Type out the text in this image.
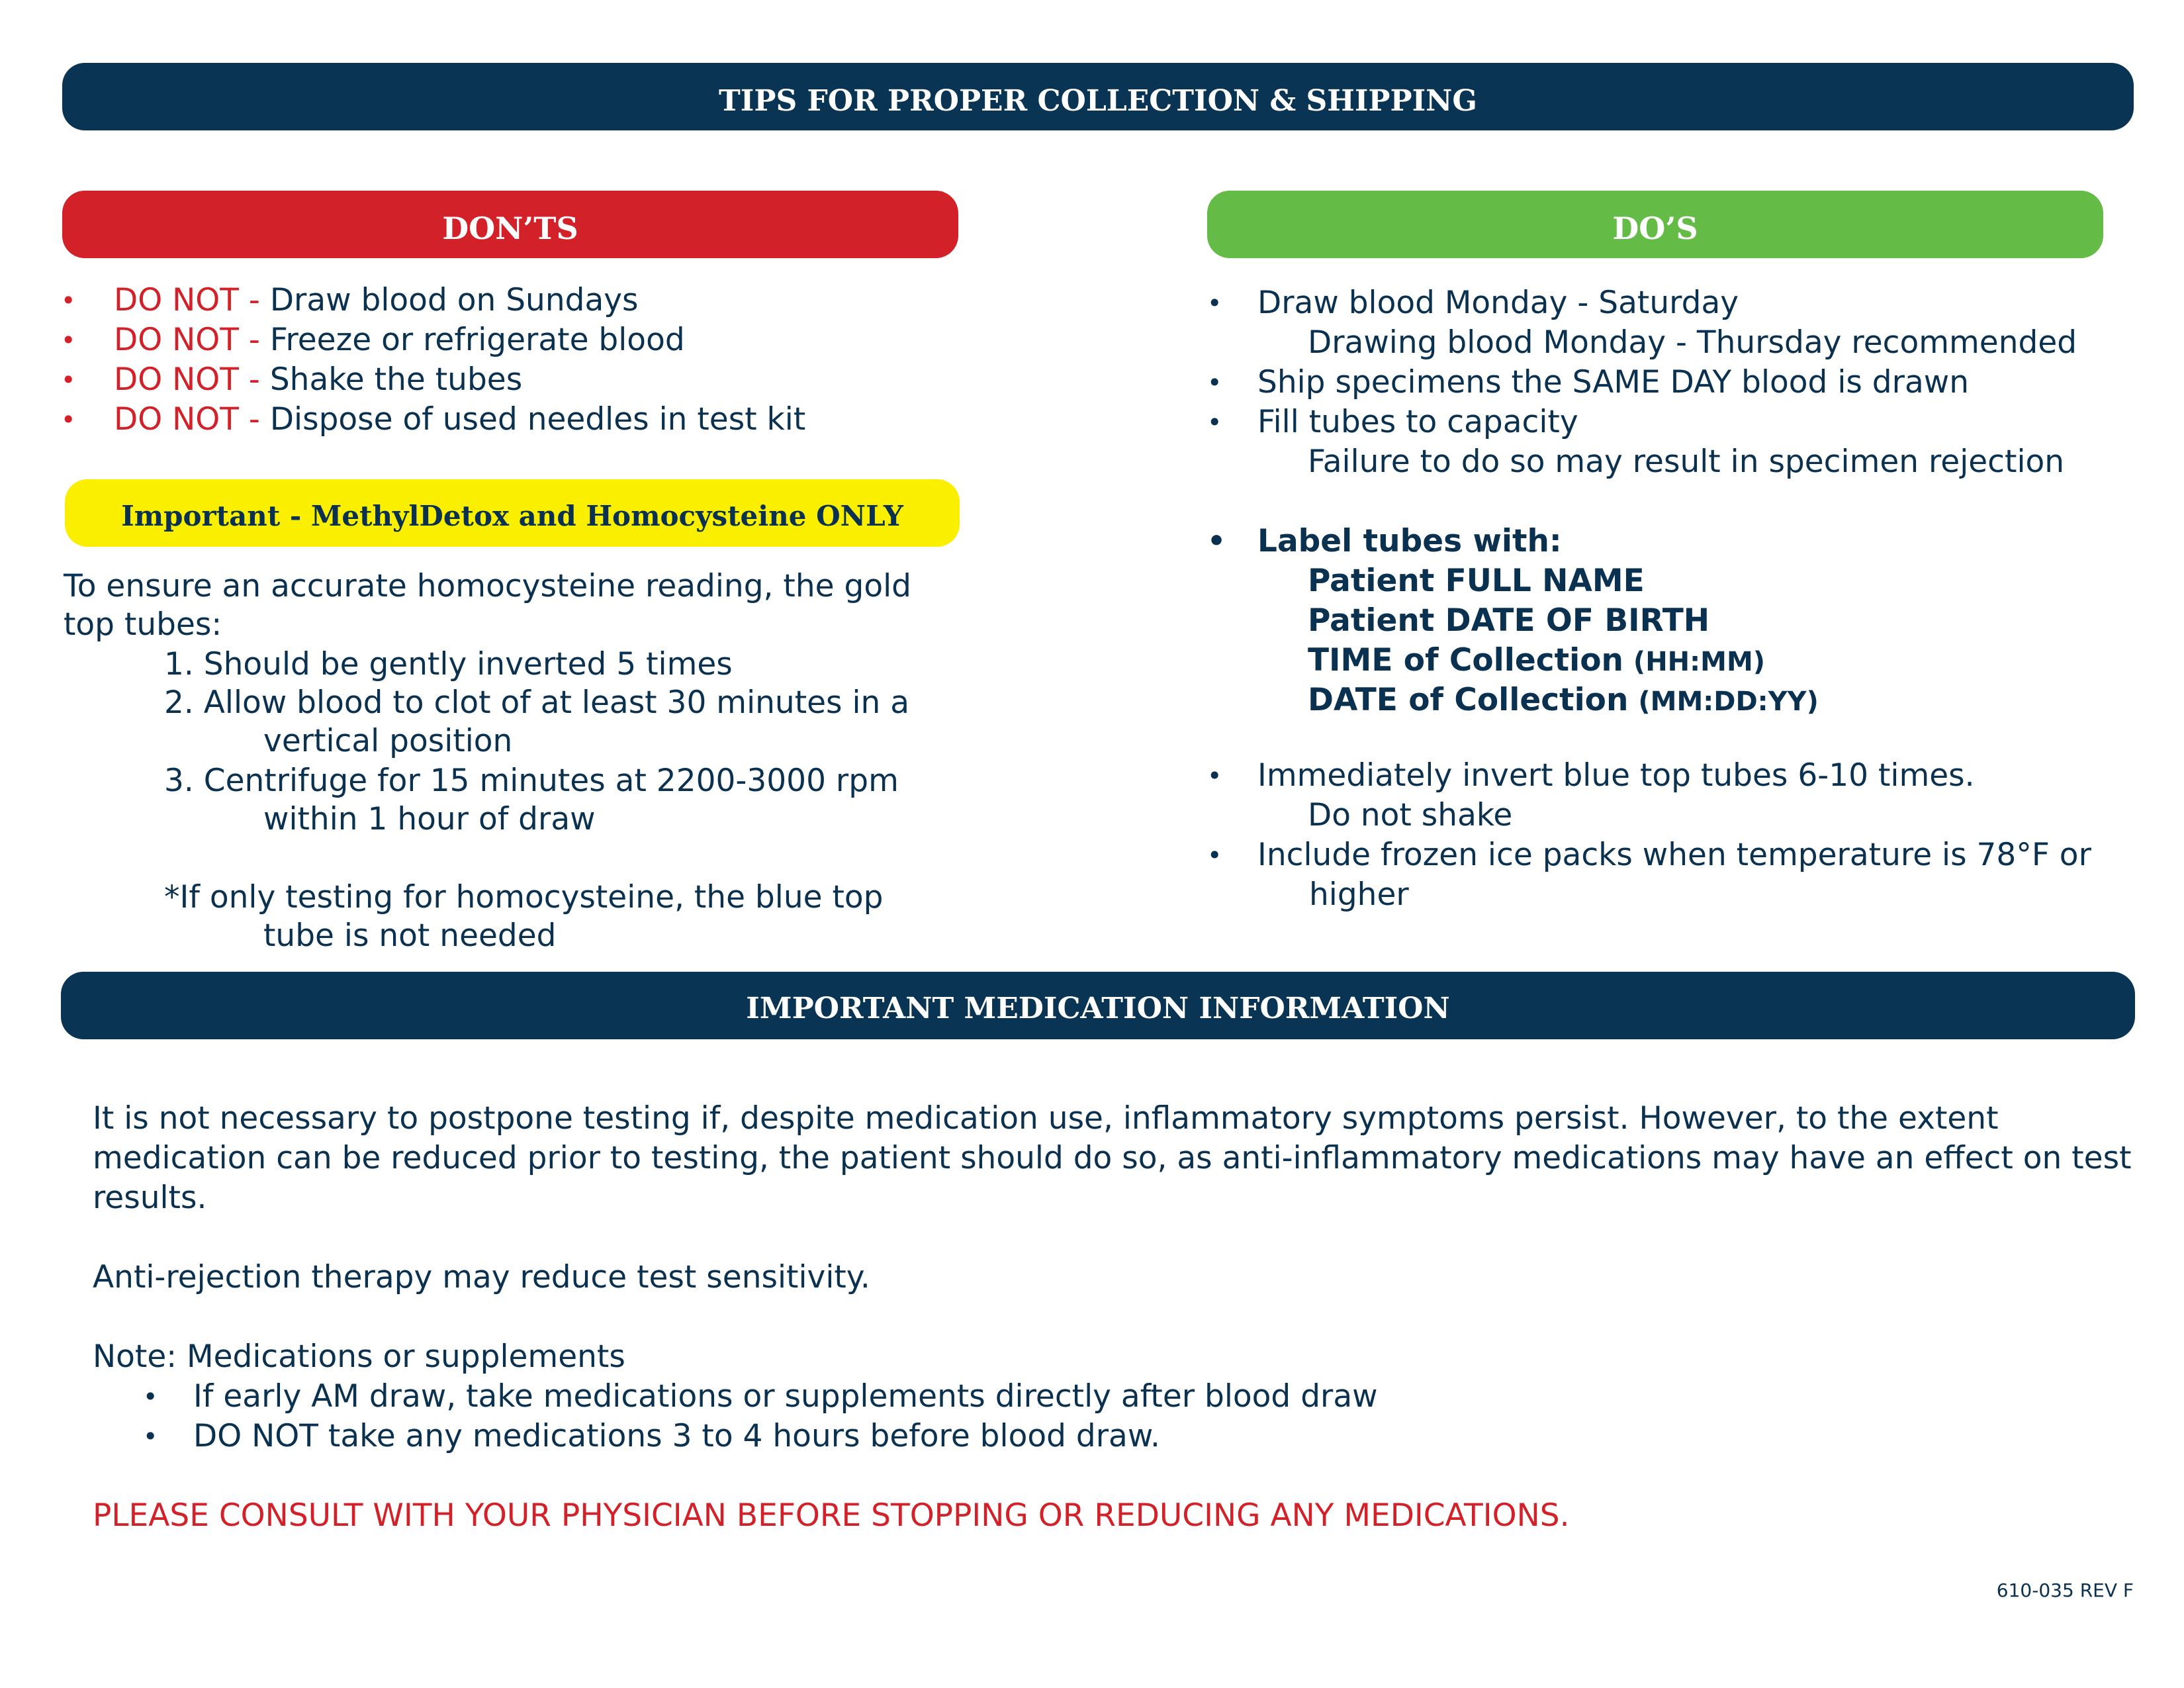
TIPS FOR PROPER COLLECTION & SHIPPING
DON’TS
• DO NOT - Draw blood on Sundays
• DO NOT - Freeze or refrigerate blood
• DO NOT - Shake the tubes
• DO NOT - Dispose of used needles in test kit
Important - MethylDetox and Homocysteine ONLY
To ensure an accurate homocysteine reading, the gold
top tubes:
1. Should be gently inverted 5 times
2. Allow blood to clot of at least 30 minutes in a
vertical position
3. Centrifuge for 15 minutes at 2200-3000 rpm
within 1 hour of draw
*If only testing for homocysteine, the blue top
tube is not needed
DO’S
• Draw blood Monday - Saturday
Drawing blood Monday - Thursday recommended
• Ship specimens the SAME DAY blood is drawn
• Fill tubes to capacity
Failure to do so may result in specimen rejection
• Label tubes with:
Patient FULL NAME
Patient DATE OF BIRTH
TIME of Collection (HH:MM)
DATE of Collection (MM:DD:YY)
• Immediately invert blue top tubes 6-10 times.
Do not shake
• Include frozen ice packs when temperature is 78°F or
higher
IMPORTANT MEDICATION INFORMATION
It is not necessary to postpone testing if, despite medication use, inflammatory symptoms persist. However, to the extent
medication can be reduced prior to testing, the patient should do so, as anti-inflammatory medications may have an effect on test
results.
Anti-rejection therapy may reduce test sensitivity.
Note: Medications or supplements
• If early AM draw, take medications or supplements directly after blood draw
• DO NOT take any medications 3 to 4 hours before blood draw.
PLEASE CONSULT WITH YOUR PHYSICIAN BEFORE STOPPING OR REDUCING ANY MEDICATIONS.
610-035 REV F
